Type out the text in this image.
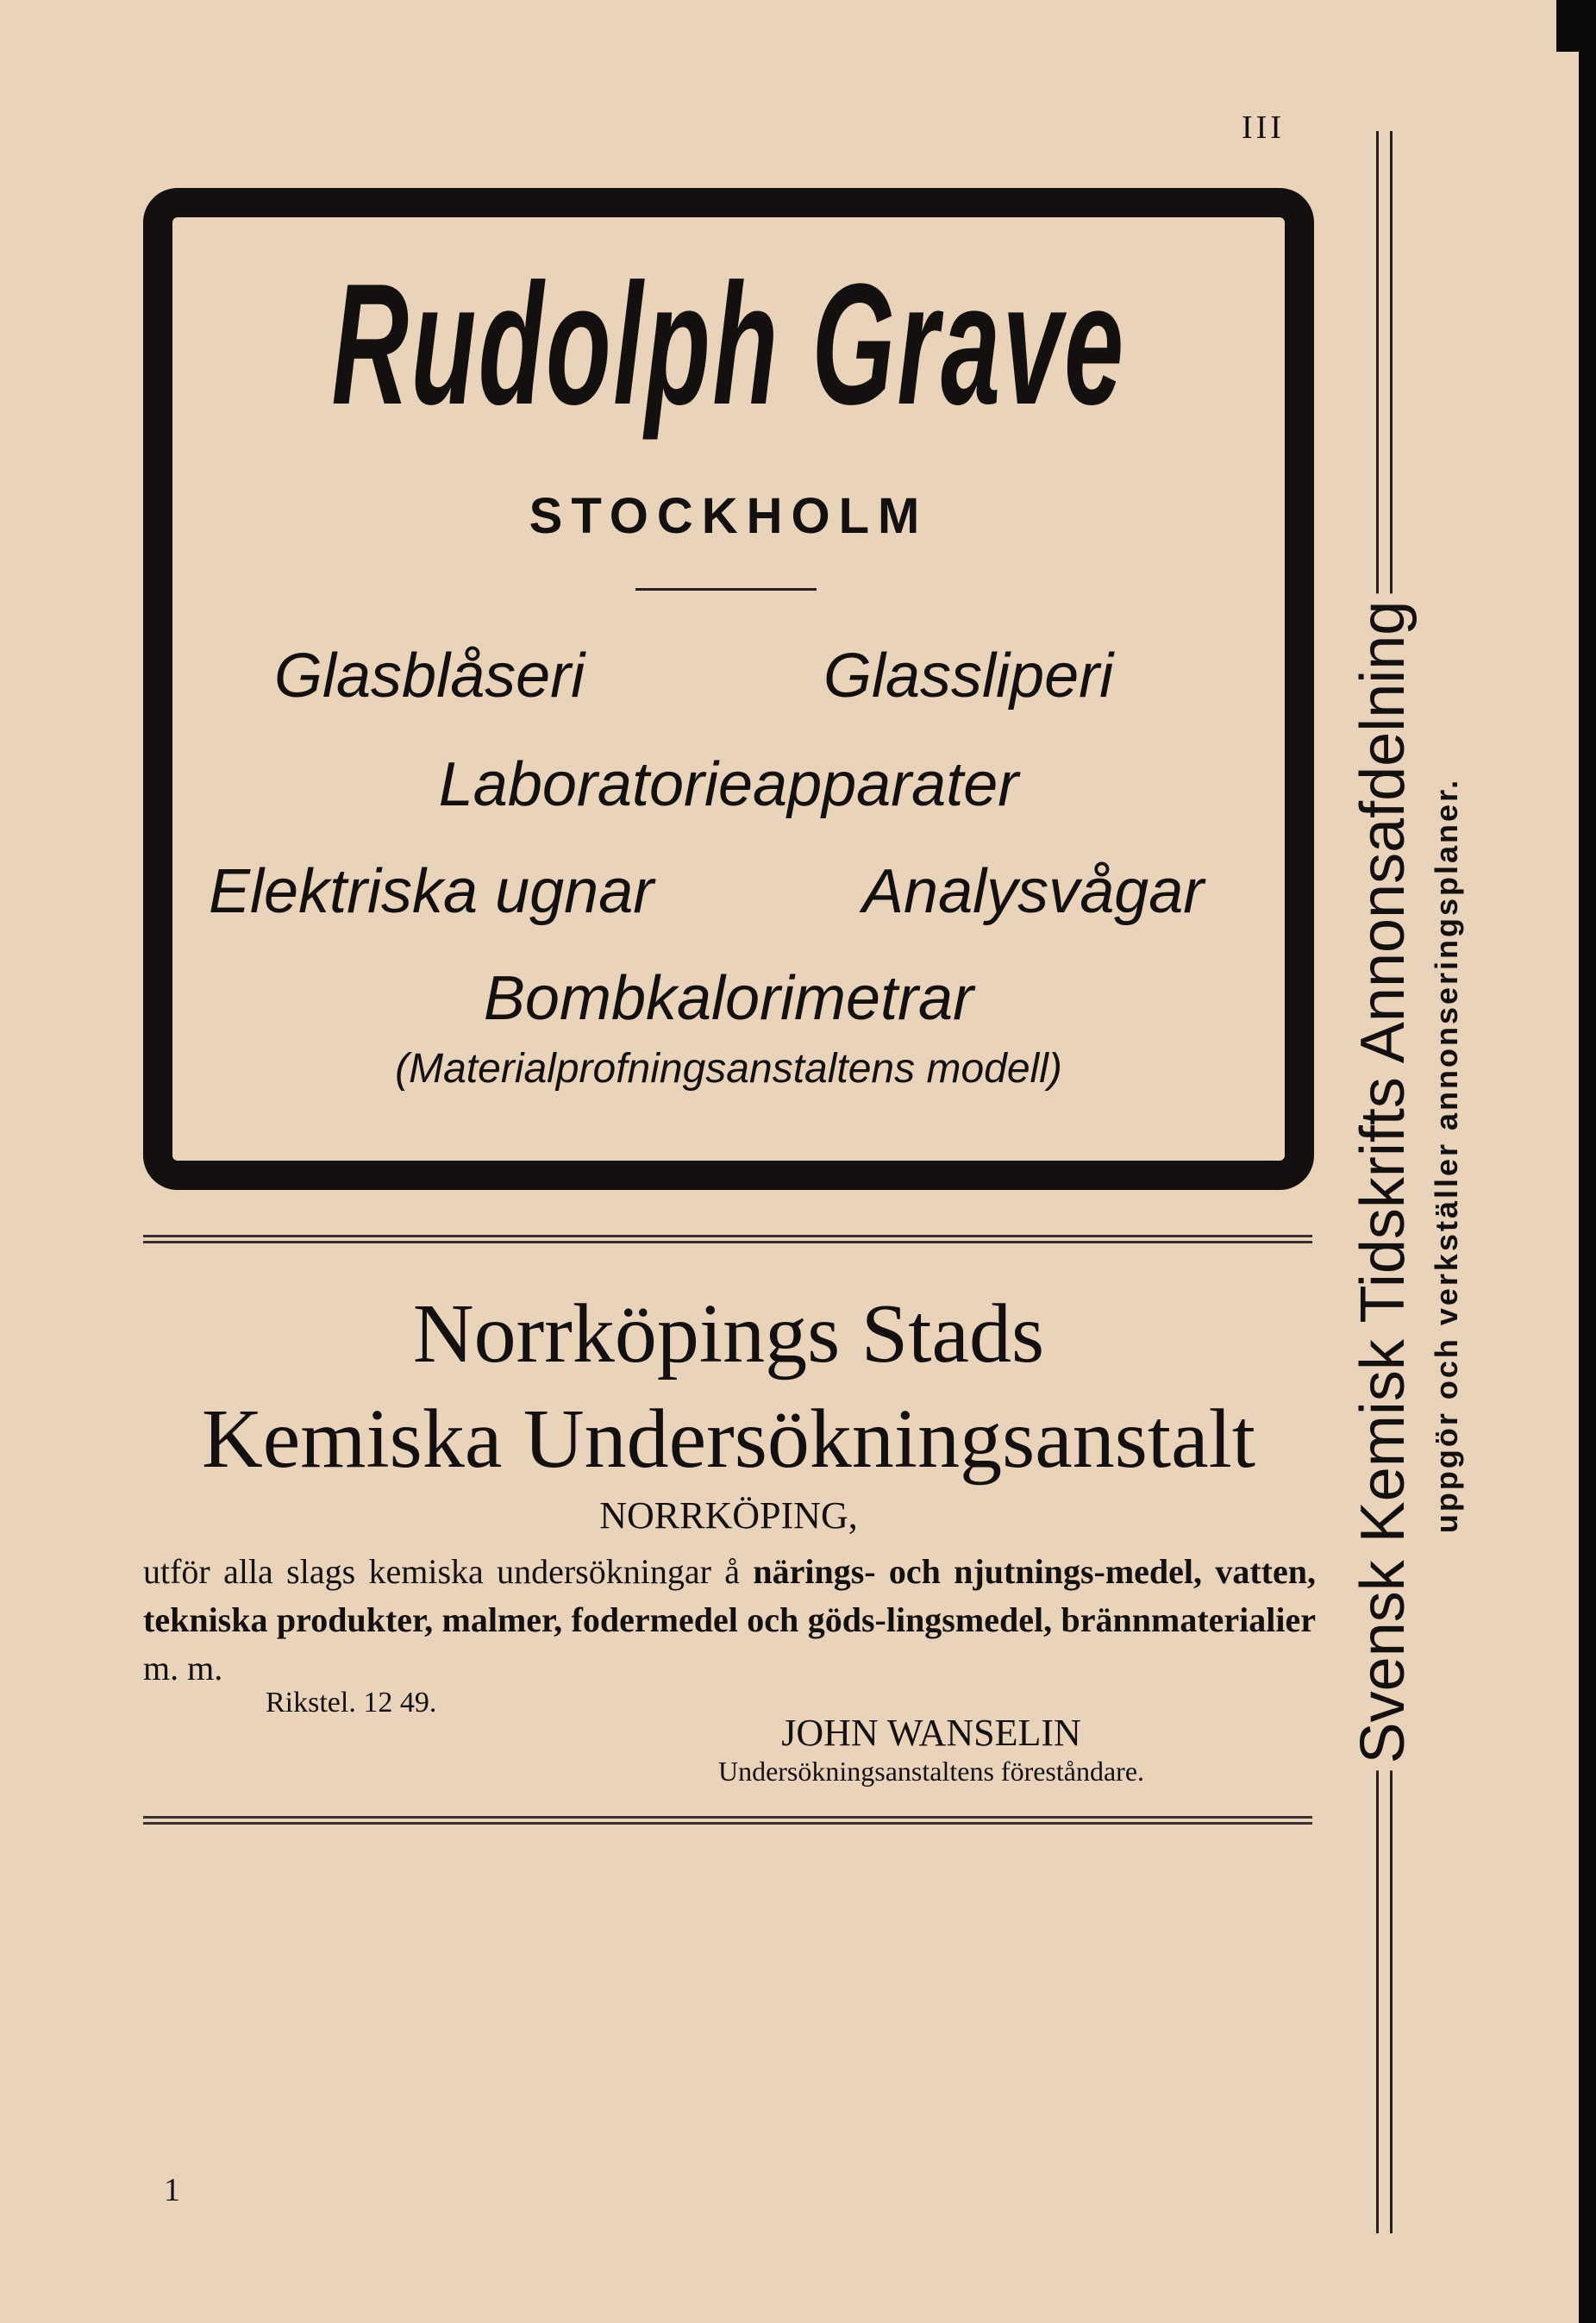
III
Rudolph Grave
STOCKHOLM
Glasblåseri	Glassliperi
Laboratorieapparater
Elektriska ugnar	Analysvågar
Bombkalorimetrar
(Materialprofningsanstaltens modell)
Norrköpings Stads
Kemiska Undersökningsanstalt
NORRKÖPING,
utför alla slags kemiska undersökningar å närings- och njutnings-medel, vatten, tekniska produkter, malmer, fodermedel och göds-lingsmedel, brännmaterialier m. m.
Rikstel. 12 49.
JOHN WANSELIN
Undersökningsanstaltens föreståndare.
1
Svensk Kemisk Tidskrifts Annonsafdelning uppgör och verkställer annonseringsplaner.
